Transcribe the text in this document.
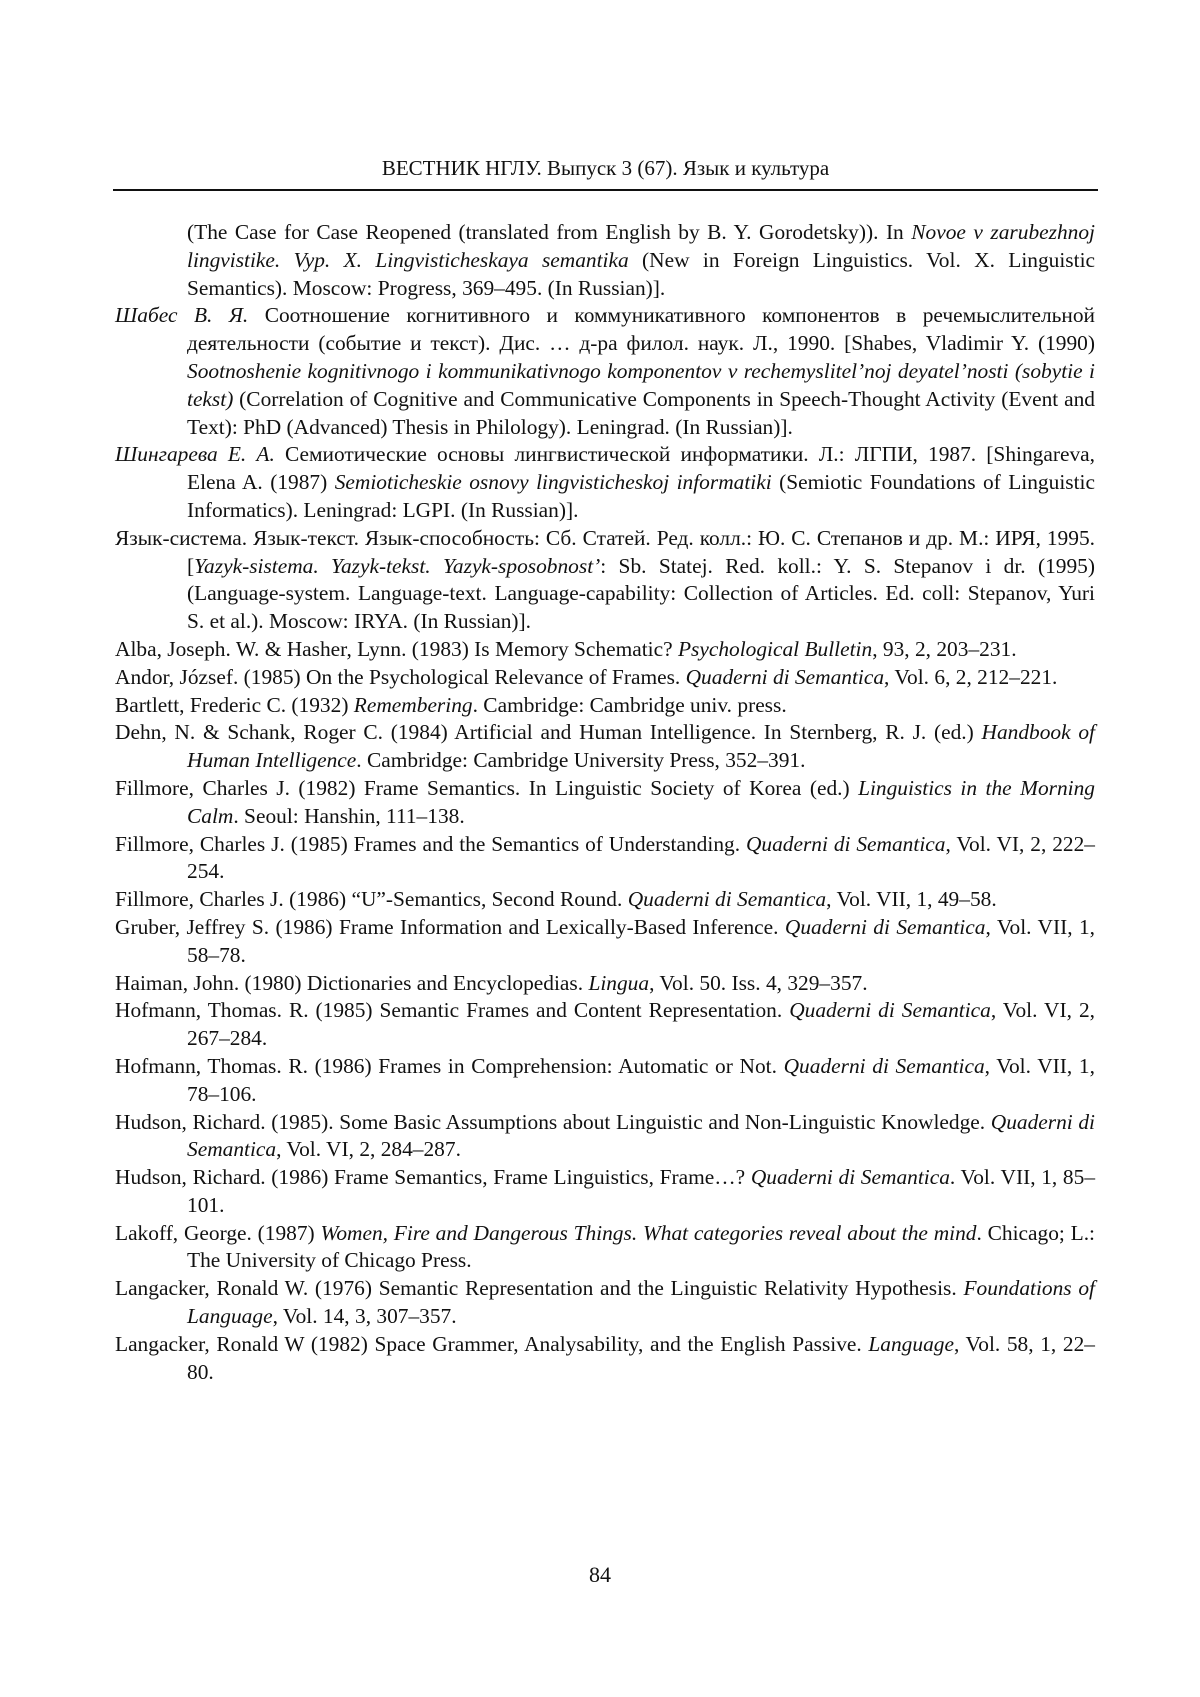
ВЕСТНИК НГЛУ. Выпуск 3 (67). Язык и культура
(The Case for Case Reopened (translated from English by B. Y. Gorodetsky)). In Novoe v zarubezhnoj lingvistike. Vyp. X. Lingvisticheskaya semantika (New in Foreign Linguistics. Vol. X. Linguistic Semantics). Moscow: Progress, 369–495. (In Russian)].
Шабес В. Я. Соотношение когнитивного и коммуникативного компонентов в речемыслитель­ной деятельности (событие и текст). Дис. … д-ра филол. наук. Л., 1990. [Shabes, Vladi­mir Y. (1990) Sootnoshenie kognitivnogo i kommunikativnogo komponentov v rechemysli­tel’noj deyatel’nosti (sobytie i tekst) (Correlation of Cognitive and Communicative Components in Speech-Thought Activity (Event and Text): PhD (Advanced) Thesis in Phi­lology). Leningrad. (In Russian)].
Шингарева Е. А. Семиотические основы лингвистической информатики. Л.: ЛГПИ, 1987. [Shingareva, Elena A. (1987) Semioticheskie osnovy lingvisticheskoj informatiki (Semiotic Foundations of Linguistic Informatics). Leningrad: LGPI. (In Russian)].
Язык-система. Язык-текст. Язык-способность: Сб. Статей. Ред. колл.: Ю. С. Степанов и др. М.: ИРЯ, 1995. [Yazyk-sistema. Yazyk-tekst. Yazyk-sposobnost’: Sb. Statej. Red. koll.: Y. S. Ste­panov i dr. (1995) (Language-system. Language-text. Language-capability: Collection of Ar­ticles. Ed. coll: Stepanov, Yuri S. et al.). Moscow: IRYA. (In Russian)].
Alba, Joseph. W. & Hasher, Lynn. (1983) Is Memory Schematic? Psychological Bulletin, 93, 2, 203–231.
Andor, József. (1985) On the Psychological Relevance of Frames. Quaderni di Semantica, Vol. 6, 2, 212–221.
Bartlett, Frederic C. (1932) Remembering. Cambridge: Cambridge univ. press.
Dehn, N. & Schank, Roger C. (1984) Artificial and Human Intelligence. In Sternberg, R. J. (ed.) Handbook of Human Intelligence. Cambridge: Cambridge University Press, 352–391.
Fillmore, Charles J. (1982) Frame Semantics. In Linguistic Society of Korea (ed.) Linguistics in the Morning Calm. Seoul: Hanshin, 111–138.
Fillmore, Charles J. (1985) Frames and the Semantics of Understanding. Quaderni di Semantica, Vol. VI, 2, 222–254.
Fillmore, Charles J. (1986) “U”-Semantics, Second Round. Quaderni di Semantica, Vol. VII, 1, 49–58.
Gruber, Jeffrey S. (1986) Frame Information and Lexically-Based Inference. Quaderni di Semantica, Vol. VII, 1, 58–78.
Haiman, John. (1980) Dictionaries and Encyclopedias. Lingua, Vol. 50. Iss. 4, 329–357.
Hofmann, Thomas. R. (1985) Semantic Frames and Content Representation. Quaderni di Semantica, Vol. VI, 2, 267–284.
Hofmann, Thomas. R. (1986) Frames in Comprehension: Automatic or Not. Quaderni di Semantica, Vol. VII, 1, 78–106.
Hudson, Richard. (1985). Some Basic Assumptions about Linguistic and Non-Linguistic Knowledge. Quaderni di Semantica, Vol. VI, 2, 284–287.
Hudson, Richard. (1986) Frame Semantics, Frame Linguistics, Frame…? Quaderni di Semantica. Vol. VII, 1, 85–101.
Lakoff, George. (1987) Women, Fire and Dangerous Things. What categories reveal about the mind. Chicago; L.: The University of Chicago Press.
Langacker, Ronald W. (1976) Semantic Representation and the Linguistic Relativity Hypothesis. Foundations of Language, Vol. 14, 3, 307–357.
Langacker, Ronald W (1982) Space Grammer, Analysability, and the English Passive. Language, Vol. 58, 1, 22–80.
84
